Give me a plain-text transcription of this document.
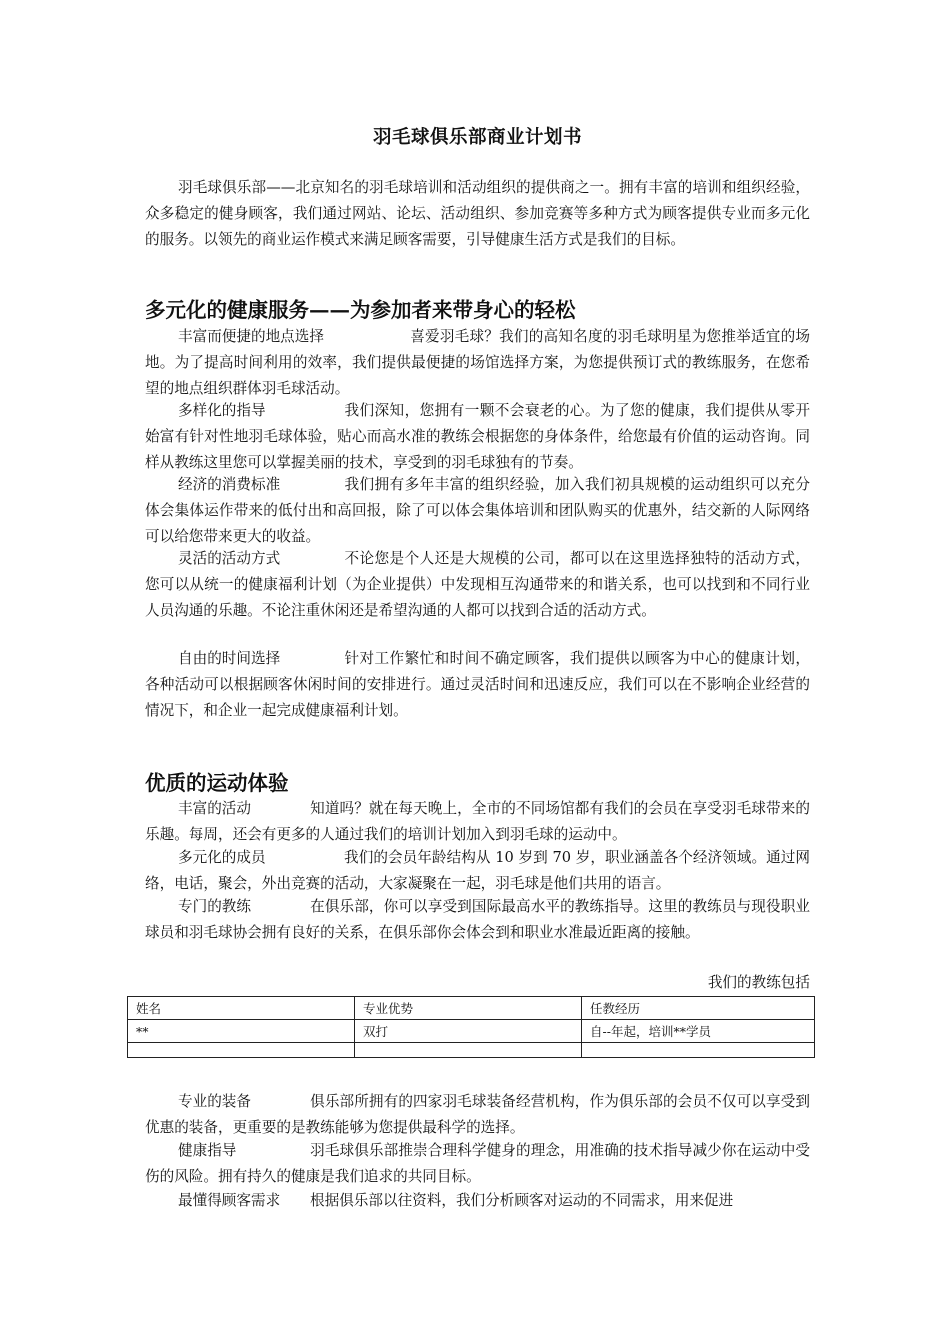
羽毛球俱乐部商业计划书

羽毛球俱乐部——北京知名的羽毛球培训和活动组织的提供商之一。拥有丰富的培训和组织经验，众多稳定的健身顾客，我们通过网站、论坛、活动组织、参加竞赛等多种方式为顾客提供专业而多元化的服务。以领先的商业运作模式来满足顾客需要，引导健康生活方式是我们的目标。

多元化的健康服务——为参加者来带身心的轻松

丰富而便捷的地点选择	喜爱羽毛球？我们的高知名度的羽毛球明星为您推举适宜的场地。为了提高时间利用的效率，我们提供最便捷的场馆选择方案，为您提供预订式的教练服务，在您希望的地点组织群体羽毛球活动。

多样化的指导	我们深知，您拥有一颗不会衰老的心。为了您的健康，我们提供从零开始富有针对性地羽毛球体验，贴心而高水准的教练会根据您的身体条件，给您最有价值的运动咨询。同样从教练这里您可以掌握美丽的技术，享受到的羽毛球独有的节奏。

经济的消费标准	我们拥有多年丰富的组织经验，加入我们初具规模的运动组织可以充分体会集体运作带来的低付出和高回报，除了可以体会集体培训和团队购买的优惠外，结交新的人际网络可以给您带来更大的收益。

灵活的活动方式	不论您是个人还是大规模的公司，都可以在这里选择独特的活动方式，您可以从统一的健康福利计划（为企业提供）中发现相互沟通带来的和谐关系，也可以找到和不同行业人员沟通的乐趣。不论注重休闲还是希望沟通的人都可以找到合适的活动方式。

自由的时间选择	针对工作繁忙和时间不确定顾客，我们提供以顾客为中心的健康计划，各种活动可以根据顾客休闲时间的安排进行。通过灵活时间和迅速反应，我们可以在不影响企业经营的情况下，和企业一起完成健康福利计划。

优质的运动体验

丰富的活动	知道吗？就在每天晚上，全市的不同场馆都有我们的会员在享受羽毛球带来的乐趣。每周，还会有更多的人通过我们的培训计划加入到羽毛球的运动中。

多元化的成员	我们的会员年龄结构从 10 岁到 70 岁，职业涵盖各个经济领域。通过网络，电话，聚会，外出竞赛的活动，大家凝聚在一起，羽毛球是他们共用的语言。

专门的教练	在俱乐部，你可以享受到国际最高水平的教练指导。这里的教练员与现役职业球员和羽毛球协会拥有良好的关系，在俱乐部你会体会到和职业水准最近距离的接触。

我们的教练包括

姓名	专业优势	任教经历
**	双打	自--年起，培训**学员

专业的装备	俱乐部所拥有的四家羽毛球装备经营机构，作为俱乐部的会员不仅可以享受到优惠的装备，更重要的是教练能够为您提供最科学的选择。

健康指导	羽毛球俱乐部推崇合理科学健身的理念，用准确的技术指导减少你在运动中受伤的风险。拥有持久的健康是我们追求的共同目标。

最懂得顾客需求 根据俱乐部以往资料，我们分析顾客对运动的不同需求，用来促进
